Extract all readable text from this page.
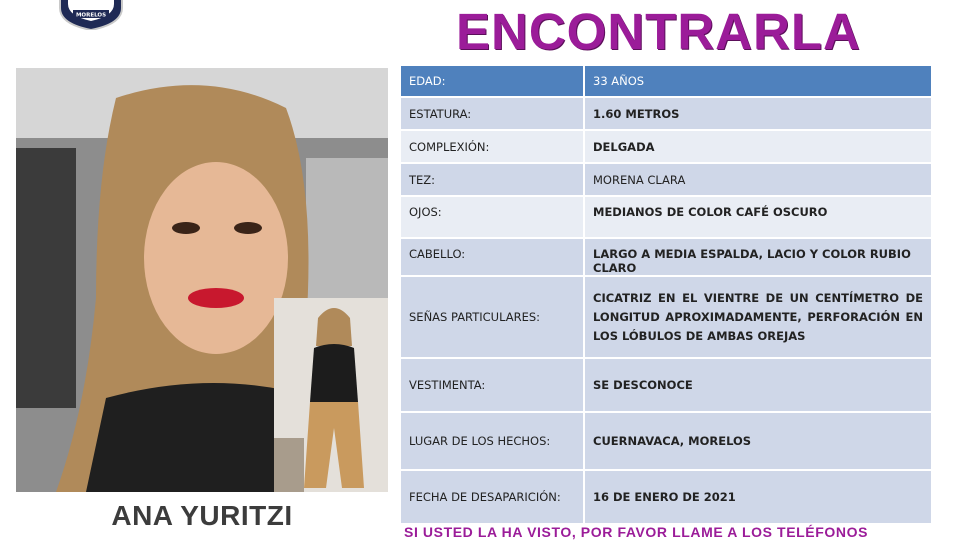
MORELOS	ENCONTRARLA
ANA YURITZI
EDAD:	33 AÑOS
ESTATURA:	1.60 METROS
COMPLEXIÓN:	DELGADA
TEZ:	MORENA CLARA
OJOS:	MEDIANOS DE COLOR CAFÉ OSCURO
CABELLO:	LARGO A MEDIA ESPALDA, LACIO Y COLOR RUBIO CLARO
SEÑAS PARTICULARES:	CICATRIZ EN EL VIENTRE DE UN CENTÍMETRO DE LONGITUD APROXIMADAMENTE, PERFORACIÓN EN LOS LÓBULOS DE AMBAS OREJAS
VESTIMENTA:	SE DESCONOCE
LUGAR DE LOS HECHOS:	CUERNAVACA, MORELOS
FECHA DE DESAPARICIÓN:	16 DE ENERO DE 2021
SI USTED LA HA VISTO, POR FAVOR LLAME A LOS TELÉFONOS
